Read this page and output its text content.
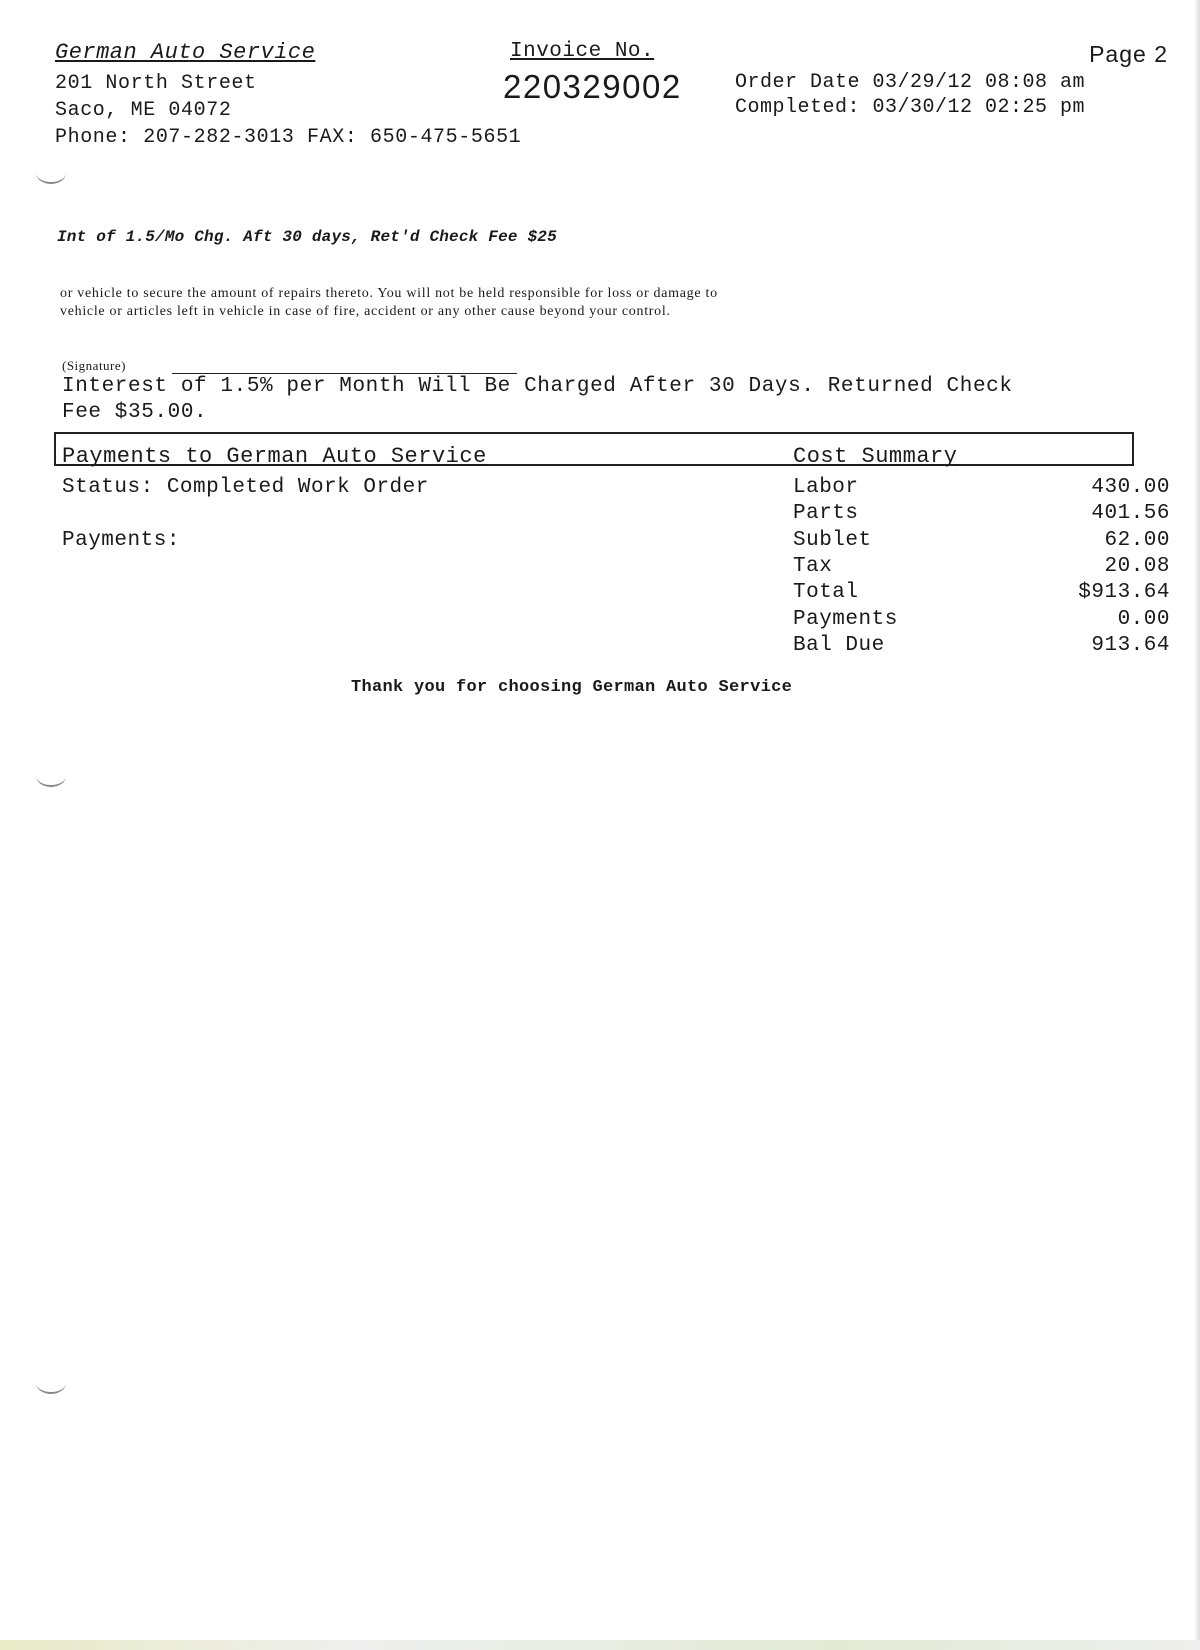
German Auto Service
201 North Street
Saco, ME 04072
Phone: 207-282-3013 FAX: 650-475-5651
Invoice No.
220329002
Page 2
Order Date 03/29/12 08:08 am
Completed: 03/30/12 02:25 pm
Int of 1.5/Mo Chg. Aft 30 days, Ret'd Check Fee $25
or vehicle to secure the amount of repairs thereto. You will not be held responsible for loss or damage to
vehicle or articles left in vehicle in case of fire, accident or any other cause beyond your control.
(Signature)
Interest of 1.5% per Month Will Be Charged After 30 Days. Returned Check
Fee $35.00.
Payments to German Auto Service	Cost Summary
Status: Completed Work Order
Payments:
Labor	430.00
Parts	401.56
Sublet	62.00
Tax	20.08
Total	$913.64
Payments	0.00
Bal Due	913.64
Thank you for choosing German Auto Service
